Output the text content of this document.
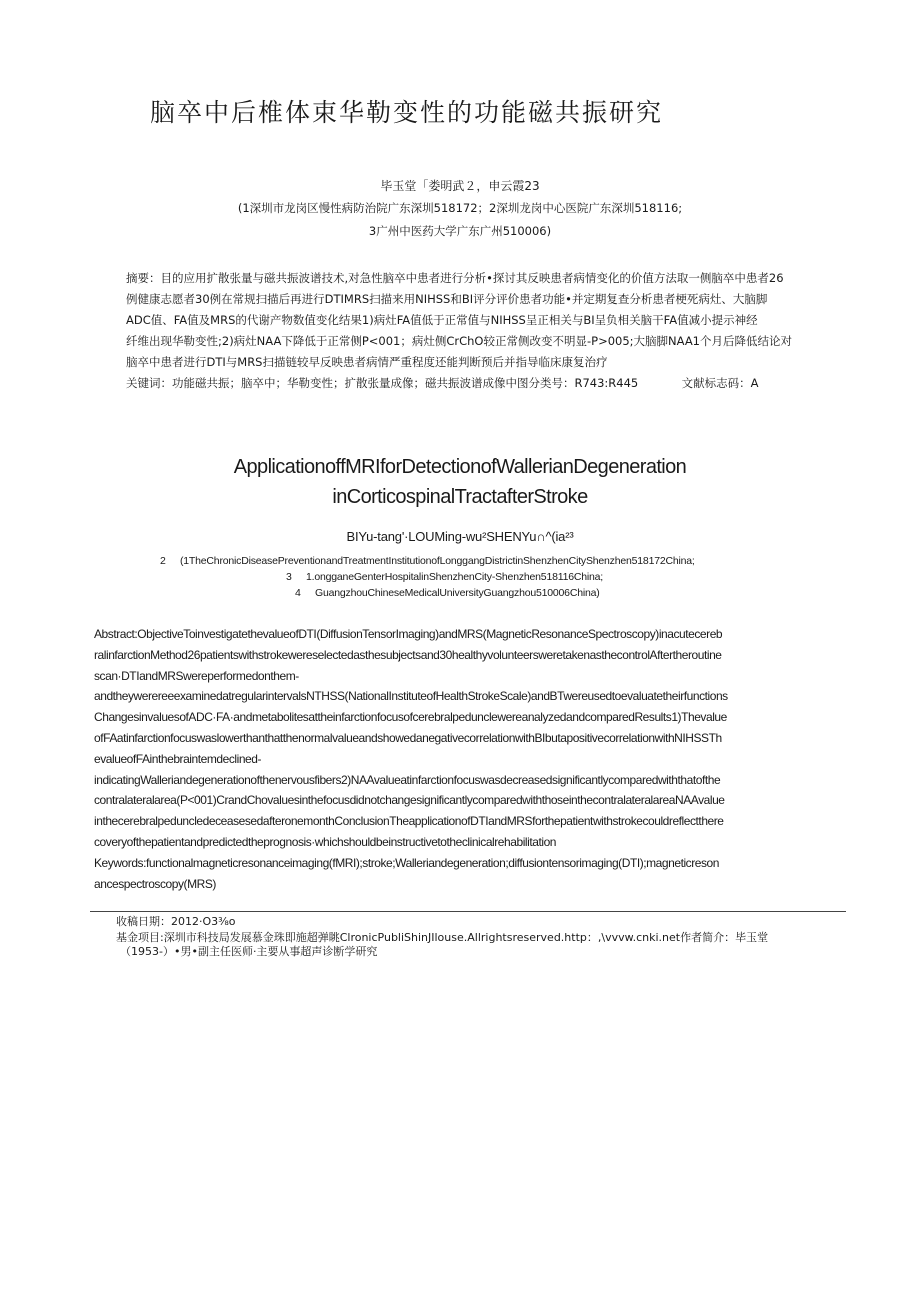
脑卒中后椎体束华勒变性的功能磁共振研究
毕玉堂「娄明武２，申云霞23
(1深圳市龙岗区慢性病防治院广东深圳518172；2深圳龙岗中心医院广东深圳518116;
3广州中医药大学广东广州510006)
摘要：目的应用扩散张量与磁共振波谱技术,对急性脑卒中患者进行分析•探讨其反映患者病情变化的价值方法取一侧脑卒中患者26
例健康志愿者30例在常规扫描后再进行DTIMRS扫描来用NIHSS和BI评分评价患者功能•并定期复查分析患者梗死病灶、大脑脚
ADC值、FA值及MRS的代谢产物数值变化结果1)病灶FA值低于正常值与NIHSS呈正相关与BI呈负相关脑干FA值减小提示神经
纤维出现华勒变性;2)病灶NAA下降低于正常侧P<001；病灶侧CrChO较正常侧改变不明显-P>005;大脑脚NAA1个月后降低结论对
脑卒中患者进行DTI与MRS扫描链较早反映患者病情严重程度还能判断预后并指导临床康复治疗
关键词：功能磁共振；脑卒中；华勒变性；扩散张量成像；磁共振波谱成像中图分类号：R743:R445	文献标志码：A
ApplicationoffMRIforDetectionofWallerianDegeneration
inCorticospinalTractafterStroke
BIYu-tang'·LOUMing-wu²SHENYu∩^(ia²³
2 (1TheChronicDiseasePreventionandTreatmentInstitutionofLonggangDistrictinShenzhenCityShenzhen518172China;
3 1.ongganeGenterHospitalinShenzhenCity-Shenzhen518116China;
4 GuangzhouChineseMedicalUniversityGuangzhou510006China)
Abstract:ObjectiveToinvestigatethevalueofDTI(DiffusionTensorImaging)andMRS(MagneticResonanceSpectroscopy)inacutecereb
ralinfarctionMethod26patientswithstrokewereselectedasthesubjectsand30healthyvolunteersweretakenasthecontrolAftertheroutine
scan·DTIandMRSwereperformedonthem-
andtheywereree​examinedatregularintervalsNTHSS(NationalInstituteofHealthStrokeScale)andBTwereusedtoevaluatetheirfunctions
ChangesinvaluesofADC·FA·andmetabolitesattheinfarctionfocusofcerebralpedunclewereanalyzedandcomparedResults1)Thevalue
ofFAatinfarctionfocuswaslowerthanthatthenormalvalueandshowedanegativecorrelationwithBIbutapositivecorrelationwithNIHSSTh
evalueofFAinthebraintemdeclined-
indicatingWalleriandegenerationofthenervousfibers2)NAAvalueatinfarctionfocuswasdecreasedsignificantlycomparedwiththatofthe
contralateralarea(P<001)CrandChovaluesinthefocusdidnotchangesignificantlycomparedwiththoseinthecontralateralareaNAAvalue
inthecerebralpedunclede​ceasesedafteronemonthConclusionTheapplicationofDTIandMRSforthepatientwithstrokecouldreflectthere
coveryofthepatientandpredictedtheprognosis·whichshouldbeinstructivetotheclinicalrehabilitation
Keywords:functionalmagneticresonanceimaging(fMRI);stroke;Walleriandegeneration;diffusiontensorimaging(DTI);magneticreson
ancespectroscopy(MRS)
收稿日期：2012·O3⅜o
基金项目:深圳市科技局发展慕金珠即施超弹眺ClronicPubliShinJIlouse.Allrightsreserved.http：,\vvvw.cnki.net作者简介：毕玉堂
（1953-）•男•副主任医师·主要从事超声诊断学研究
